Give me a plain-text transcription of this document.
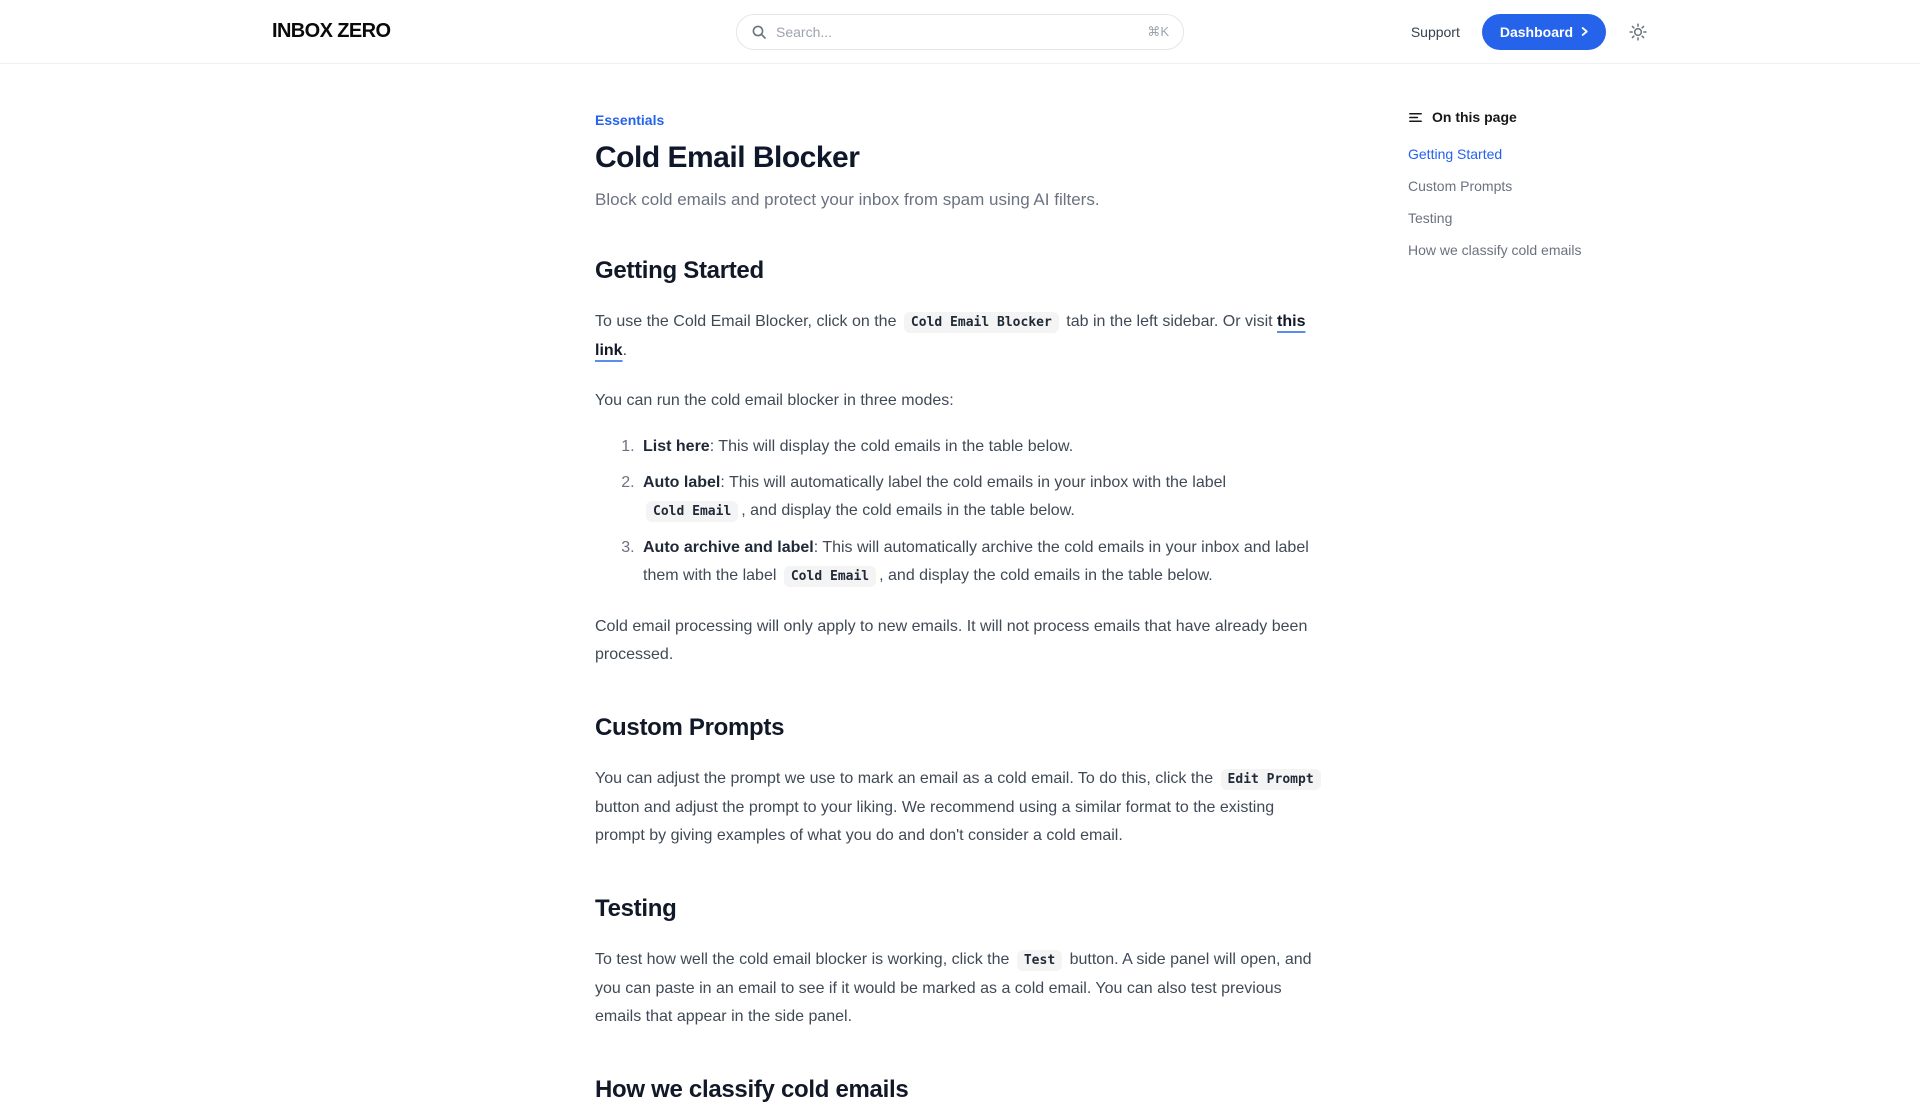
INBOX ZERO
Search...	⌘K	Support	Dashboard
Essentials
Cold Email Blocker

Block cold emails and protect your inbox from spam using AI filters.

Getting Started

To use the Cold Email Blocker, click on the Cold Email Blocker tab in the left sidebar. Or visit this link.

You can run the cold email blocker in three modes:

1. List here: This will display the cold emails in the table below.
2. Auto label: This will automatically label the cold emails in your inbox with the label Cold Email , and display the cold emails in the table below.
3. Auto archive and label: This will automatically archive the cold emails in your inbox and label them with the label Cold Email , and display the cold emails in the table below.

Cold email processing will only apply to new emails. It will not process emails that have already been processed.

Custom Prompts

You can adjust the prompt we use to mark an email as a cold email. To do this, click the Edit Prompt button and adjust the prompt to your liking. We recommend using a similar format to the existing prompt by giving examples of what you do and don't consider a cold email.

Testing

To test how well the cold email blocker is working, click the Test button. A side panel will open, and you can paste in an email to see if it would be marked as a cold email. You can also test previous emails that appear in the side panel.

How we classify cold emails
On this page
Getting Started
Custom Prompts
Testing
How we classify cold emails
